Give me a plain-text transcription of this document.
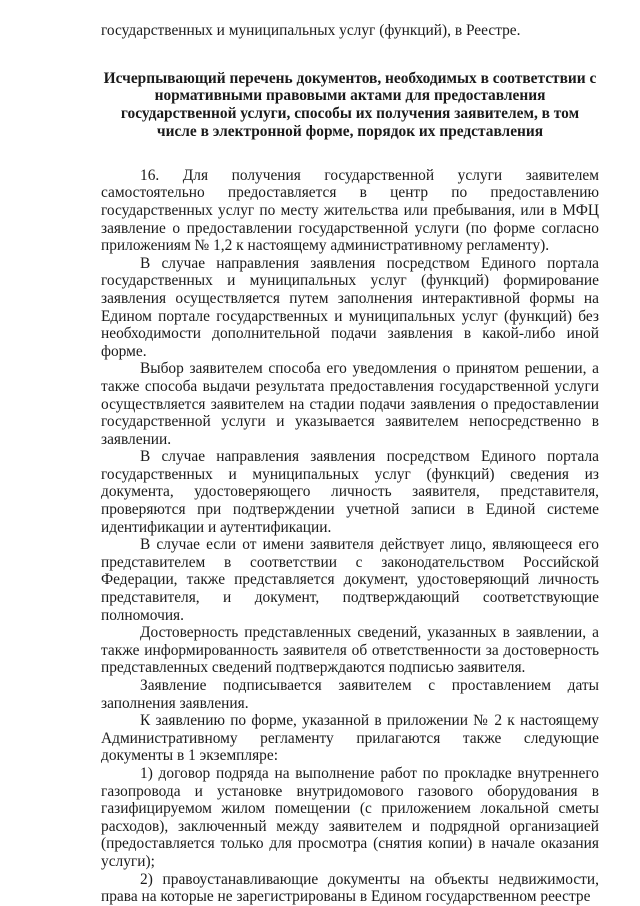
государственных и муниципальных услуг (функций), в Реестре.

Исчерпывающий перечень документов, необходимых в соответствии с нормативными правовыми актами для предоставления государственной услуги, способы их получения заявителем, в том числе в электронной форме, порядок их представления

16. Для получения государственной услуги заявителем самостоятельно предоставляется в центр по предоставлению государственных услуг по месту жительства или пребывания, или в МФЦ заявление о предоставлении государственной услуги (по форме согласно приложениям № 1,2 к настоящему административному регламенту).

В случае направления заявления посредством Единого портала государственных и муниципальных услуг (функций) формирование заявления осуществляется путем заполнения интерактивной формы на Едином портале государственных и муниципальных услуг (функций) без необходимости дополнительной подачи заявления в какой-либо иной форме.

Выбор заявителем способа его уведомления о принятом решении, а также способа выдачи результата предоставления государственной услуги осуществляется заявителем на стадии подачи заявления о предоставлении государственной услуги и указывается заявителем непосредственно в заявлении.

В случае направления заявления посредством Единого портала государственных и муниципальных услуг (функций) сведения из документа, удостоверяющего личность заявителя, представителя, проверяются при подтверждении учетной записи в Единой системе идентификации и аутентификации.

В случае если от имени заявителя действует лицо, являющееся его представителем в соответствии с законодательством Российской Федерации, также представляется документ, удостоверяющий личность представителя, и документ, подтверждающий соответствующие полномочия.

Достоверность представленных сведений, указанных в заявлении, а также информированность заявителя об ответственности за достоверность представленных сведений подтверждаются подписью заявителя.

Заявление подписывается заявителем с проставлением даты заполнения заявления.

К заявлению по форме, указанной в приложении № 2 к настоящему Административному регламенту прилагаются также следующие документы в 1 экземпляре:

1) договор подряда на выполнение работ по прокладке внутреннего газопровода и установке внутридомового газового оборудования в газифицируемом жилом помещении (с приложением локальной сметы расходов), заключенный между заявителем и подрядной организацией (предоставляется только для просмотра (снятия копии) в начале оказания услуги);

2) правоустанавливающие документы на объекты недвижимости, права на которые не зарегистрированы в Едином государственном реестре
